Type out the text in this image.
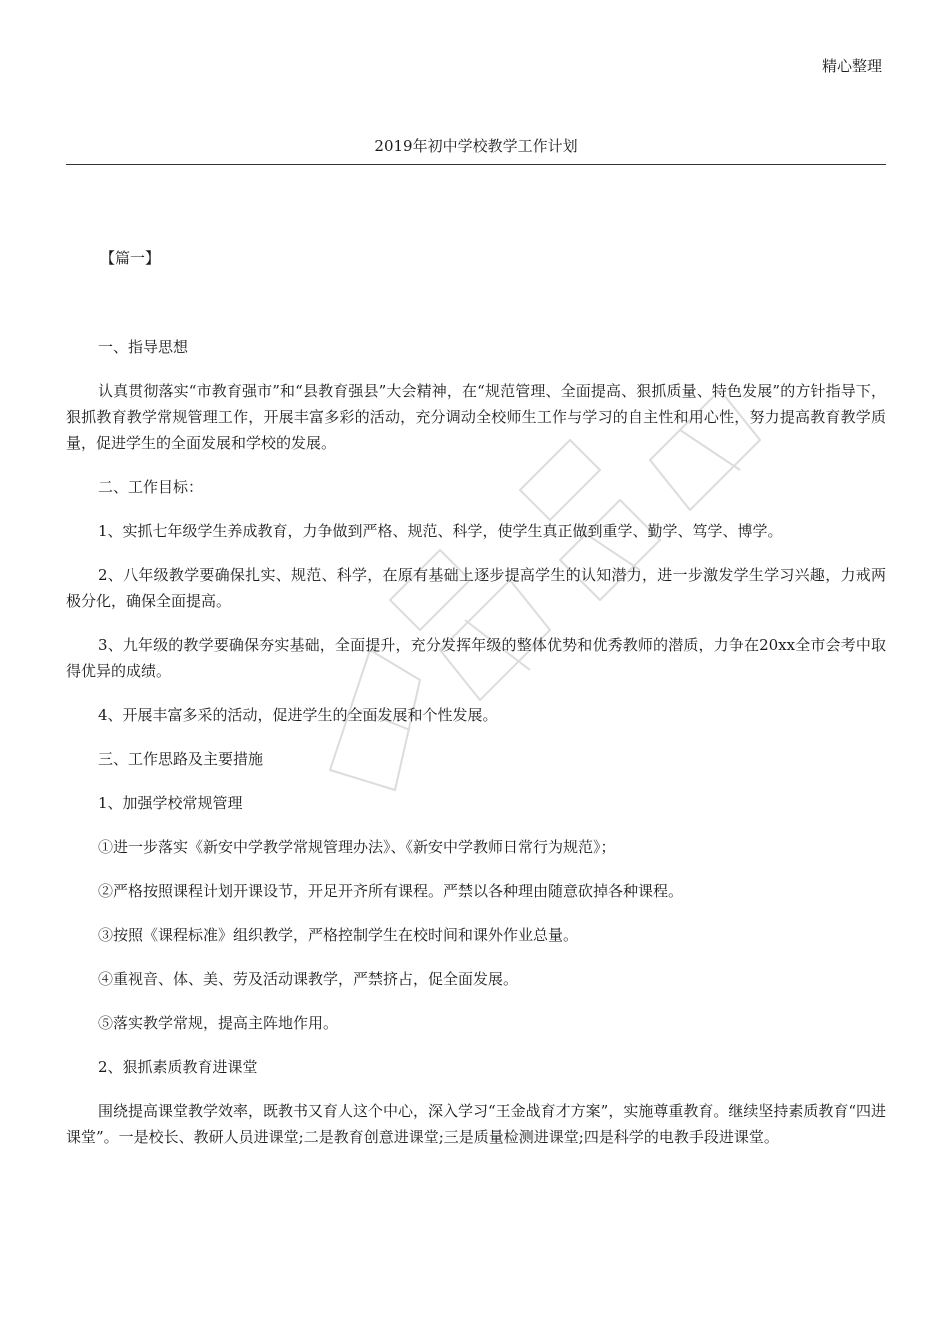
精心整理
2019年初中学校教学工作计划
【篇一】

一、指导思想

认真贯彻落实“市教育强市”和“县教育强县”大会精神，在“规范管理、全面提高、狠抓质量、特色发展”的方针指导下，狠抓教育教学常规管理工作，开展丰富多彩的活动，充分调动全校师生工作与学习的自主性和用心性，努力提高教育教学质量，促进学生的全面发展和学校的发展。

二、工作目标：

1、实抓七年级学生养成教育，力争做到严格、规范、科学，使学生真正做到重学、勤学、笃学、博学。

2、八年级教学要确保扎实、规范、科学，在原有基础上逐步提高学生的认知潜力，进一步激发学生学习兴趣，力戒两极分化，确保全面提高。

3、九年级的教学要确保夯实基础，全面提升，充分发挥年级的整体优势和优秀教师的潜质，力争在20xx全市会考中取得优异的成绩。

4、开展丰富多采的活动，促进学生的全面发展和个性发展。

三、工作思路及主要措施

1、加强学校常规管理

①进一步落实《新安中学教学常规管理办法》、《新安中学教师日常行为规范》；

②严格按照课程计划开课设节，开足开齐所有课程。严禁以各种理由随意砍掉各种课程。

③按照《课程标准》组织教学，严格控制学生在校时间和课外作业总量。

④重视音、体、美、劳及活动课教学，严禁挤占，促全面发展。

⑤落实教学常规，提高主阵地作用。

2、狠抓素质教育进课堂

围绕提高课堂教学效率，既教书又育人这个中心，深入学习“王金战育才方案”，实施尊重教育。继续坚持素质教育“四进课堂”。一是校长、教研人员进课堂;二是教育创意进课堂;三是质量检测进课堂;四是科学的电教手段进课堂。
